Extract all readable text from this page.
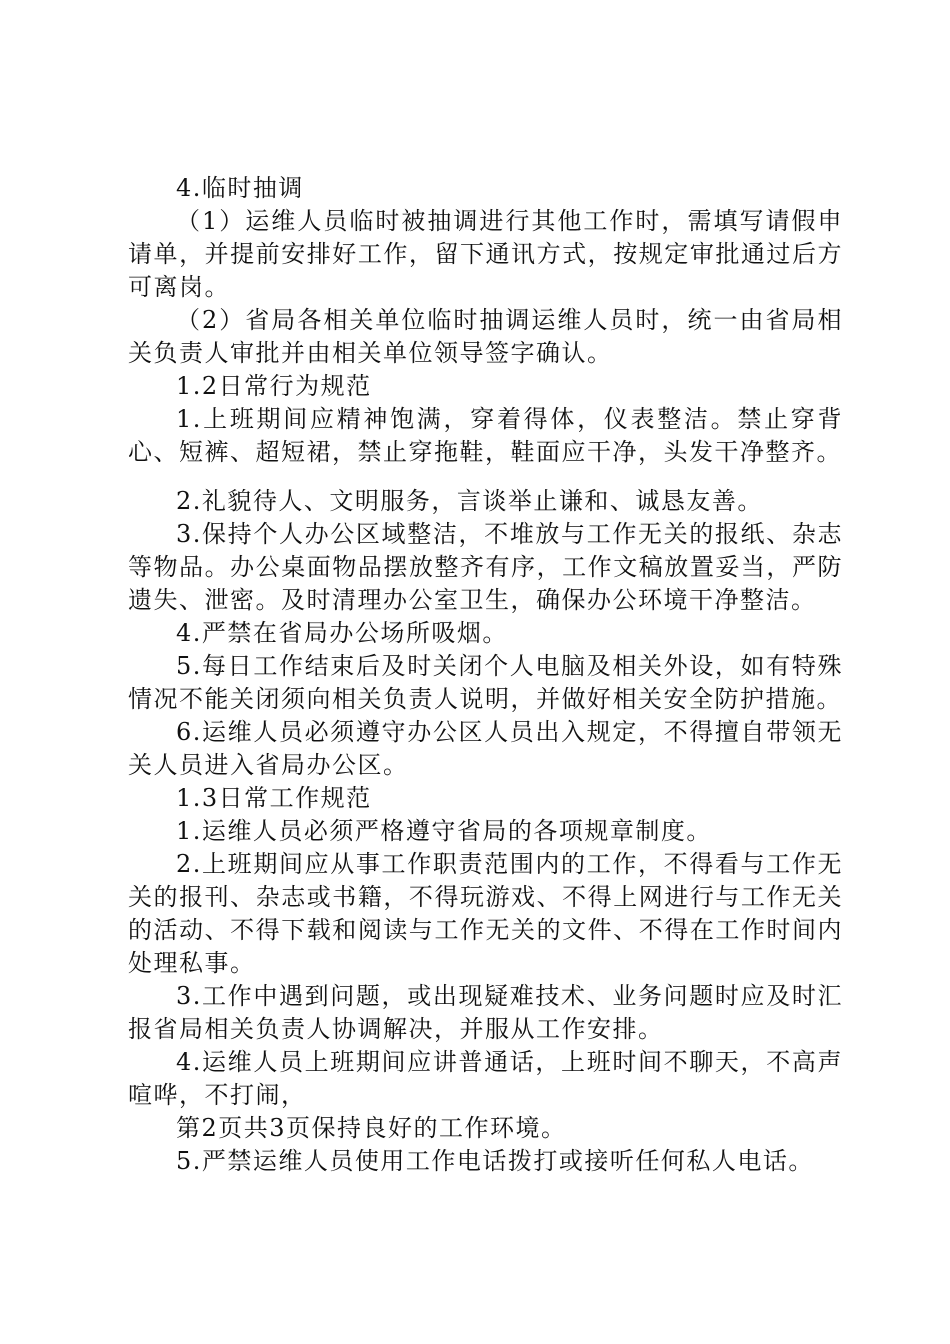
4.临时抽调

（1）运维人员临时被抽调进行其他工作时，需填写请假申请单，并提前安排好工作，留下通讯方式，按规定审批通过后方可离岗。

（2）省局各相关单位临时抽调运维人员时，统一由省局相关负责人审批并由相关单位领导签字确认。

1.2日常行为规范

1.上班期间应精神饱满，穿着得体，仪表整洁。禁止穿背心、短裤、超短裙，禁止穿拖鞋，鞋面应干净，头发干净整齐。

2.礼貌待人、文明服务，言谈举止谦和、诚恳友善。

3.保持个人办公区域整洁，不堆放与工作无关的报纸、杂志等物品。办公桌面物品摆放整齐有序，工作文稿放置妥当，严防遗失、泄密。及时清理办公室卫生，确保办公环境干净整洁。

4.严禁在省局办公场所吸烟。

5.每日工作结束后及时关闭个人电脑及相关外设，如有特殊情况不能关闭须向相关负责人说明，并做好相关安全防护措施。

6.运维人员必须遵守办公区人员出入规定，不得擅自带领无关人员进入省局办公区。

1.3日常工作规范

1.运维人员必须严格遵守省局的各项规章制度。

2.上班期间应从事工作职责范围内的工作，不得看与工作无关的报刊、杂志或书籍，不得玩游戏、不得上网进行与工作无关的活动、不得下载和阅读与工作无关的文件、不得在工作时间内处理私事。

3.工作中遇到问题，或出现疑难技术、业务问题时应及时汇报省局相关负责人协调解决，并服从工作安排。

4.运维人员上班期间应讲普通话，上班时间不聊天，不高声喧哗，不打闹，

第2页共3页保持良好的工作环境。

5.严禁运维人员使用工作电话拨打或接听任何私人电话。
